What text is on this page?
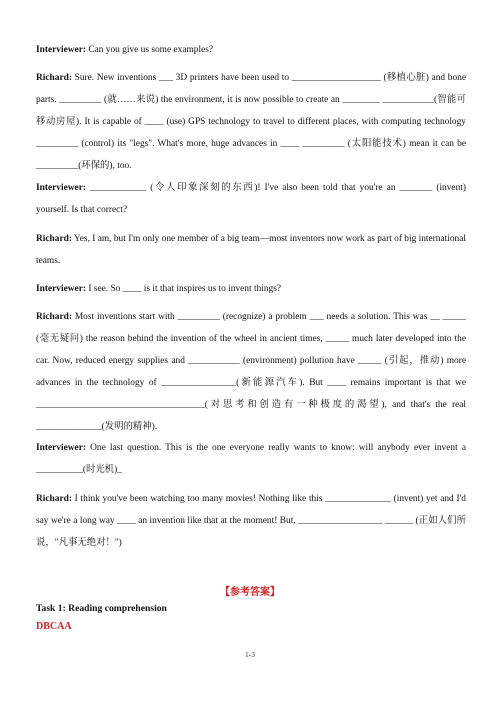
Interviewer: Can you give us some examples?
Richard: Sure. New inventions ___ 3D printers have been used to ___________________ (移植心脏) and bone parts. _________ (就……来说) the environment, it is now possible to create an ________ ___________(智能可移动房屋). It is capable of ____ (use) GPS technology to travel to different places, with computing technology _________ (control) its "legs". What's more, huge advances in ____ _________ (太阳能技术) mean it can be _________(环保的), too.
Interviewer: ____________ (令人印象深刻的东西)! I've also been told that you're an _______ (invent) yourself. Is that correct?
Richard: Yes, I am, but I'm only one member of a big team—most inventors now work as part of big international teams.
Interviewer: I see. So ____ is it that inspires us to invent things?
Richard: Most inventions start with _________ (recognize) a problem ___ needs a solution. This was __ _____ (毫无疑问) the reason behind the invention of the wheel in ancient times, _____ much later developed into the car. Now, reduced energy supplies and ___________ (environment) pollution have _____ (引起，推动) more advances in the technology of ________________(新能源汽车). But ____ remains important is that we ____________________________________(对思考和创造有一种极度的渴望), and that's the real ______________(发明的精神).
Interviewer: One last question. This is the one everyone really wants to know: will anybody ever invent a __________(时光机)_
Richard: I think you've been watching too many movies! Nothing like this ______________ (invent) yet and I'd say we're a long way ____ an invention like that at the moment! But, __________________ ______ (正如人们所说，"凡事无绝对！")
【参考答案】
Task 1: Reading comprehension
DBCAA
1-3
